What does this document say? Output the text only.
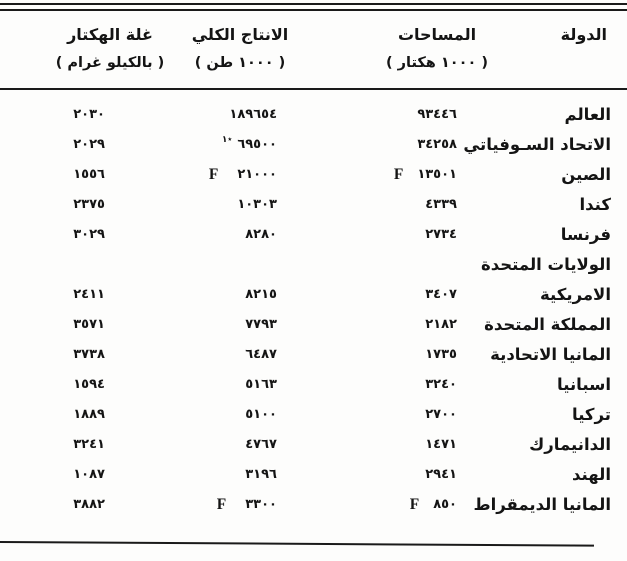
الدولة
المساحات
( ١٠٠٠ هكتار )
الانتاج الكلي
( ١٠٠٠ طن )
غلة الهكتار
( بالكيلو غرام )
العالم
٩٣٤٤٦
١٨٩٦٥٤
٢٠٣٠
الاتحاد السـوفياتي
٣٤٢٥٨
١٭ ٦٩٥٠٠
٢٠٢٩
الصين
F ١٣٥٠١
F ٢١٠٠٠
١٥٥٦
كندا
٤٣٣٩
١٠٣٠٣
٢٣٧٥
فرنسا
٢٧٣٤
٨٢٨٠
٣٠٢٩
الولايات المتحدة
الامريكية
٣٤٠٧
٨٢١٥
٢٤١١
المملكة المتحدة
٢١٨٢
٧٧٩٣
٣٥٧١
المانيا الاتحادية
١٧٣٥
٦٤٨٧
٣٧٣٨
اسبانيا
٣٢٤٠
٥١٦٣
١٥٩٤
تركيا
٢٧٠٠
٥١٠٠
١٨٨٩
الدانيمارك
١٤٧١
٤٧٦٧
٣٢٤١
الهند
٢٩٤١
٣١٩٦
١٠٨٧
المانيا الديمقراط
F ٨٥٠
F ٣٣٠٠
٣٨٨٢
